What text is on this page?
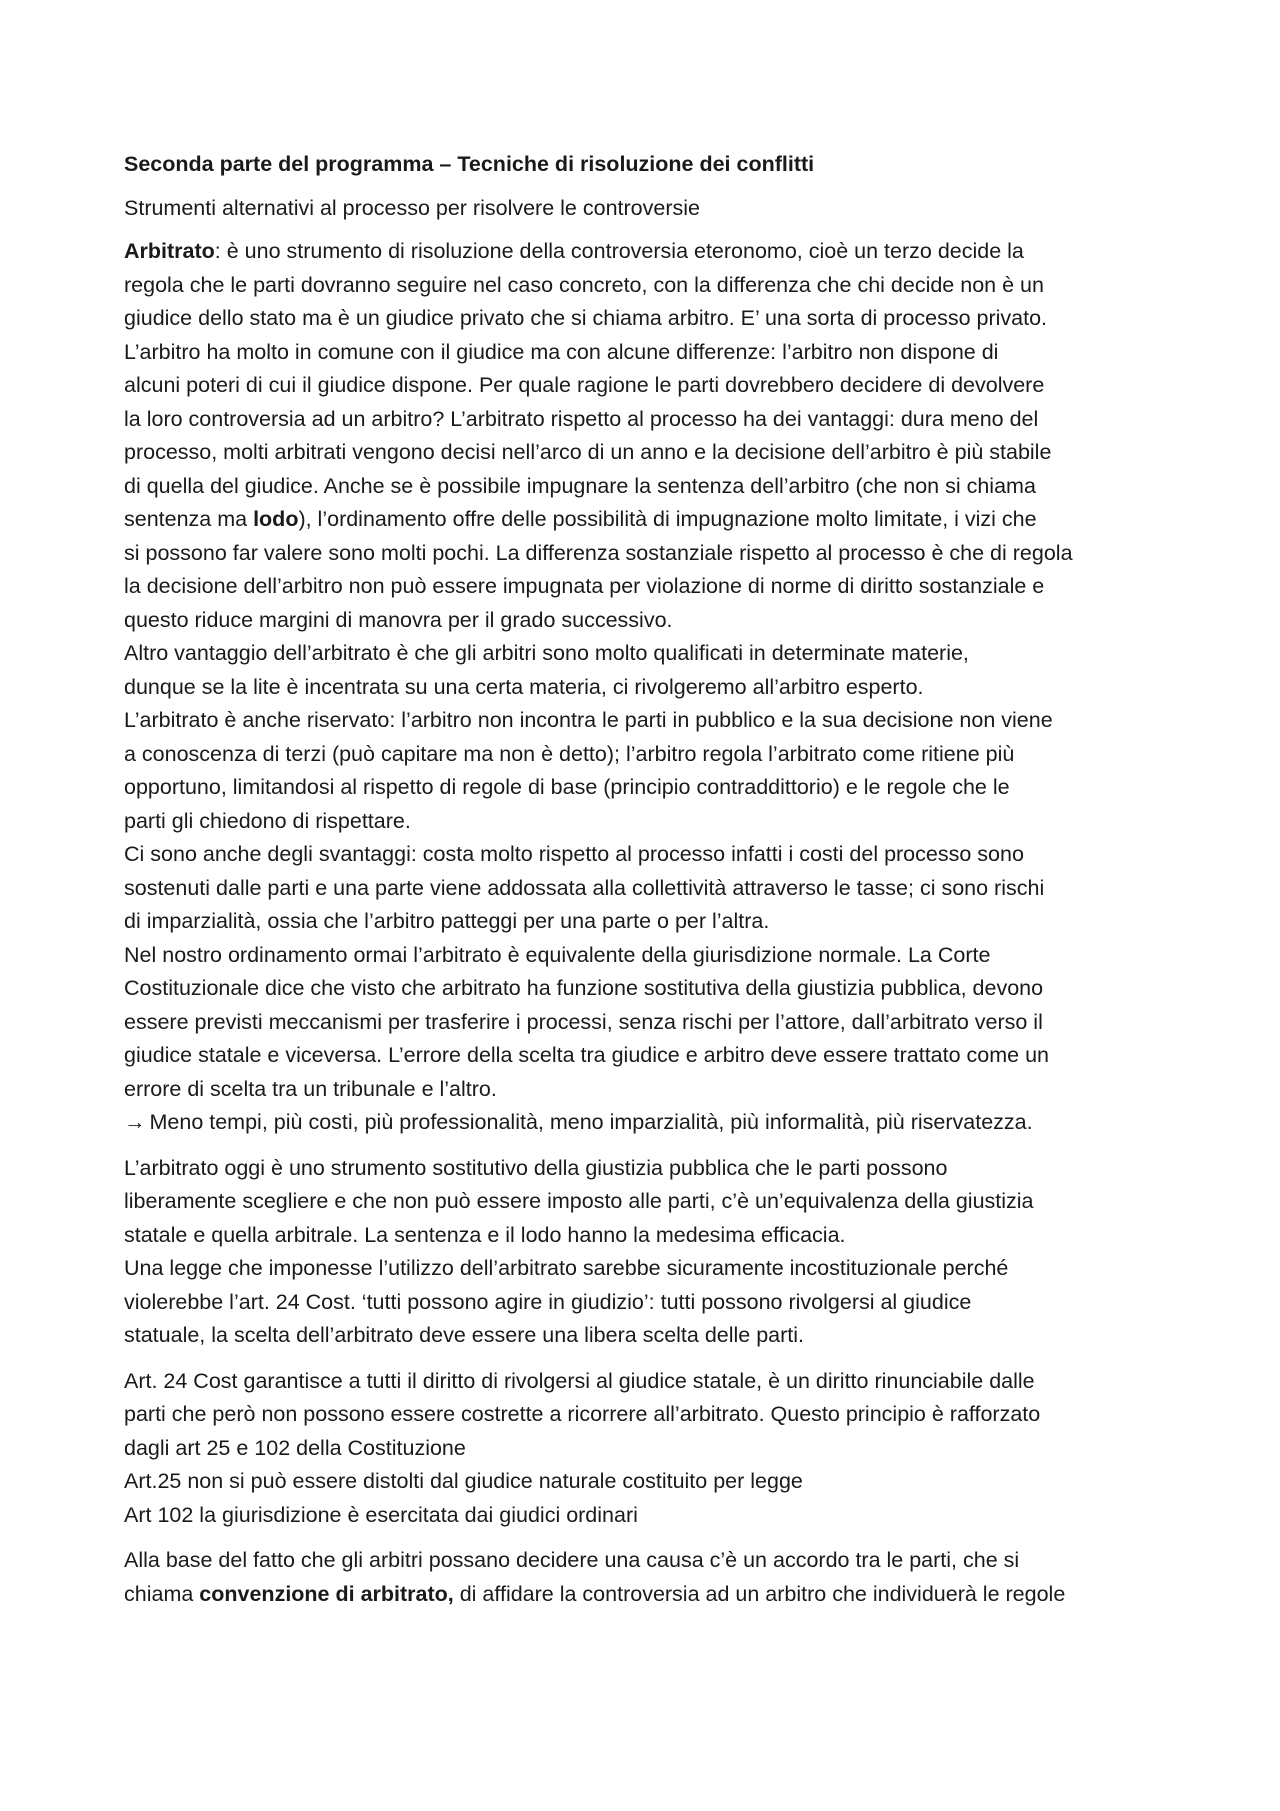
Seconda parte del programma – Tecniche di risoluzione dei conflitti
Strumenti alternativi al processo per risolvere le controversie
Arbitrato: è uno strumento di risoluzione della controversia eteronomo, cioè un terzo decide la
regola che le parti dovranno seguire nel caso concreto, con la differenza che chi decide non è un
giudice dello stato ma è un giudice privato che si chiama arbitro. E’ una sorta di processo privato.
L’arbitro ha molto in comune con il giudice ma con alcune differenze: l’arbitro non dispone di
alcuni poteri di cui il giudice dispone. Per quale ragione le parti dovrebbero decidere di devolvere
la loro controversia ad un arbitro? L’arbitrato rispetto al processo ha dei vantaggi: dura meno del
processo, molti arbitrati vengono decisi nell’arco di un anno e la decisione dell’arbitro è più stabile
di quella del giudice. Anche se è possibile impugnare la sentenza dell’arbitro (che non si chiama
sentenza ma lodo), l’ordinamento offre delle possibilità di impugnazione molto limitate, i vizi che
si possono far valere sono molti pochi. La differenza sostanziale rispetto al processo è che di regola
la decisione dell’arbitro non può essere impugnata per violazione di norme di diritto sostanziale e
questo riduce margini di manovra per il grado successivo.
Altro vantaggio dell’arbitrato è che gli arbitri sono molto qualificati in determinate materie,
dunque se la lite è incentrata su una certa materia, ci rivolgeremo all’arbitro esperto.
L’arbitrato è anche riservato: l’arbitro non incontra le parti in pubblico e la sua decisione non viene
a conoscenza di terzi (può capitare ma non è detto); l’arbitro regola l’arbitrato come ritiene più
opportuno, limitandosi al rispetto di regole di base (principio contraddittorio) e le regole che le
parti gli chiedono di rispettare.
Ci sono anche degli svantaggi: costa molto rispetto al processo infatti i costi del processo sono
sostenuti dalle parti e una parte viene addossata alla collettività attraverso le tasse; ci sono rischi
di imparzialità, ossia che l’arbitro patteggi per una parte o per l’altra.
Nel nostro ordinamento ormai l’arbitrato è equivalente della giurisdizione normale. La Corte
Costituzionale dice che visto che arbitrato ha funzione sostitutiva della giustizia pubblica, devono
essere previsti meccanismi per trasferire i processi, senza rischi per l’attore, dall’arbitrato verso il
giudice statale e viceversa. L’errore della scelta tra giudice e arbitro deve essere trattato come un
errore di scelta tra un tribunale e l’altro.
→ Meno tempi, più costi, più professionalità, meno imparzialità, più informalità, più riservatezza.
L’arbitrato oggi è uno strumento sostitutivo della giustizia pubblica che le parti possono
liberamente scegliere e che non può essere imposto alle parti, c’è un’equivalenza della giustizia
statale e quella arbitrale. La sentenza e il lodo hanno la medesima efficacia.
Una legge che imponesse l’utilizzo dell’arbitrato sarebbe sicuramente incostituzionale perché
violerebbe l’art. 24 Cost. ‘tutti possono agire in giudizio’: tutti possono rivolgersi al giudice
statuale, la scelta dell’arbitrato deve essere una libera scelta delle parti.
Art. 24 Cost garantisce a tutti il diritto di rivolgersi al giudice statale, è un diritto rinunciabile dalle
parti che però non possono essere costrette a ricorrere all’arbitrato. Questo principio è rafforzato
dagli art 25 e 102 della Costituzione
Art.25 non si può essere distolti dal giudice naturale costituito per legge
Art 102 la giurisdizione è esercitata dai giudici ordinari
Alla base del fatto che gli arbitri possano decidere una causa c’è un accordo tra le parti, che si
chiama convenzione di arbitrato, di affidare la controversia ad un arbitro che individuerà le regole
